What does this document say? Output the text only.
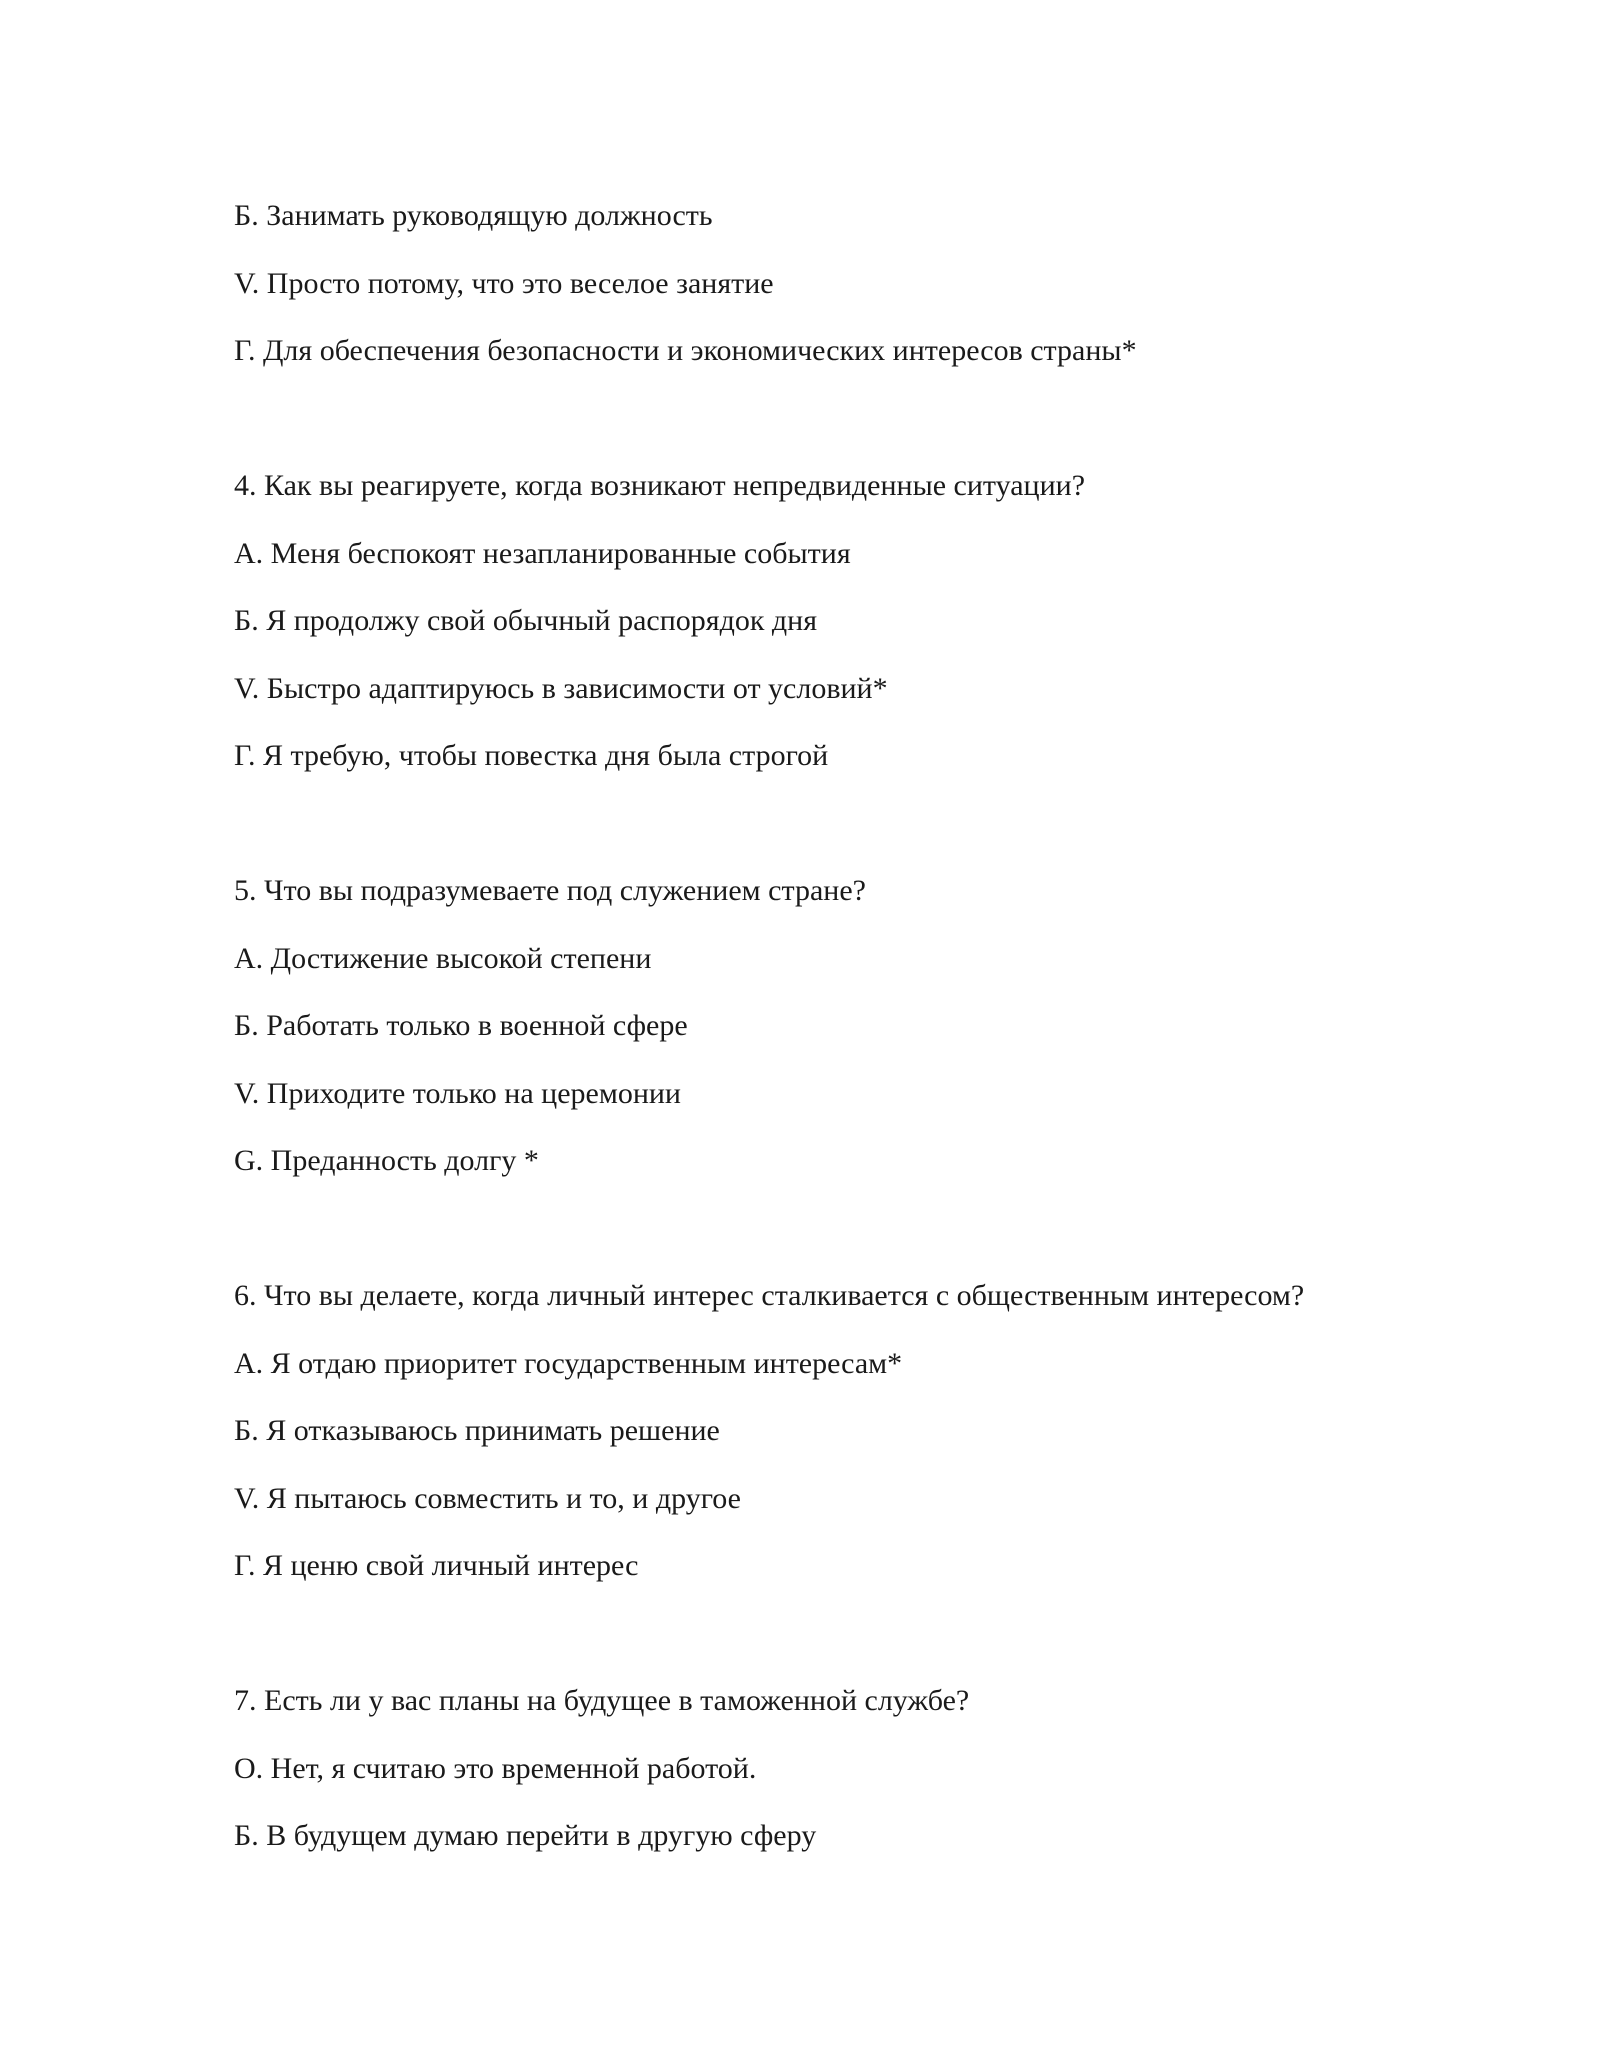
Б. Занимать руководящую должность
V. Просто потому, что это веселое занятие
Г. Для обеспечения безопасности и экономических интересов страны*
4. Как вы реагируете, когда возникают непредвиденные ситуации?
А. Меня беспокоят незапланированные события
Б. Я продолжу свой обычный распорядок дня
V. Быстро адаптируюсь в зависимости от условий*
Г. Я требую, чтобы повестка дня была строгой
5. Что вы подразумеваете под служением стране?
А. Достижение высокой степени
Б. Работать только в военной сфере
V. Приходите только на церемонии
G. Преданность долгу *
6. Что вы делаете, когда личный интерес сталкивается с общественным интересом?
А. Я отдаю приоритет государственным интересам*
Б. Я отказываюсь принимать решение
V. Я пытаюсь совместить и то, и другое
Г. Я ценю свой личный интерес
7. Есть ли у вас планы на будущее в таможенной службе?
О. Нет, я считаю это временной работой.
Б. В будущем думаю перейти в другую сферу
